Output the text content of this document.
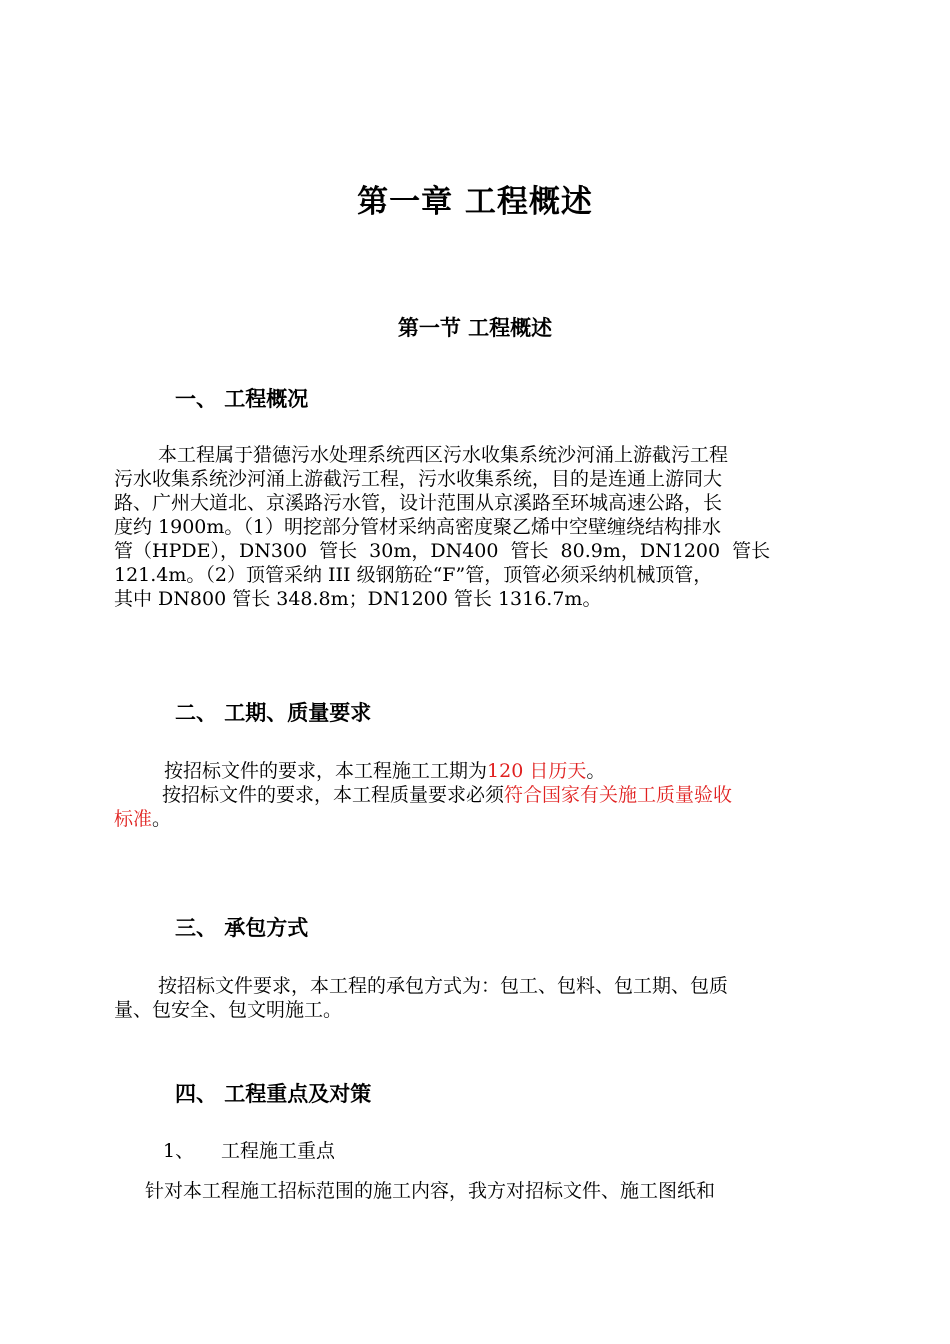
第一章 工程概述
第一节 工程概述
一、 工程概况
本工程属于猎德污水处理系统西区污水收集系统沙河涌上游截污工程
污水收集系统沙河涌上游截污工程，污水收集系统，目的是连通上游同大
路、广州大道北、京溪路污水管，设计范围从京溪路至环城高速公路，长
度约 1900m。（1）明挖部分管材采纳高密度聚乙烯中空壁缠绕结构排水
管（HPDE），DN300 管长 30m，DN400 管长 80.9m，DN1200 管长
121.4m。（2）顶管采纳 III 级钢筋砼“F”管，顶管必须采纳机械顶管，
其中 DN800 管长 348.8m；DN1200 管长 1316.7m。
二、 工期、质量要求
按招标文件的要求，本工程施工工期为120 日历天。
按招标文件的要求，本工程质量要求必须符合国家有关施工质量验收
标准。
三、 承包方式
按招标文件要求，本工程的承包方式为：包工、包料、包工期、包质
量、包安全、包文明施工。
四、 工程重点及对策
1、 工程施工重点
针对本工程施工招标范围的施工内容，我方对招标文件、施工图纸和
